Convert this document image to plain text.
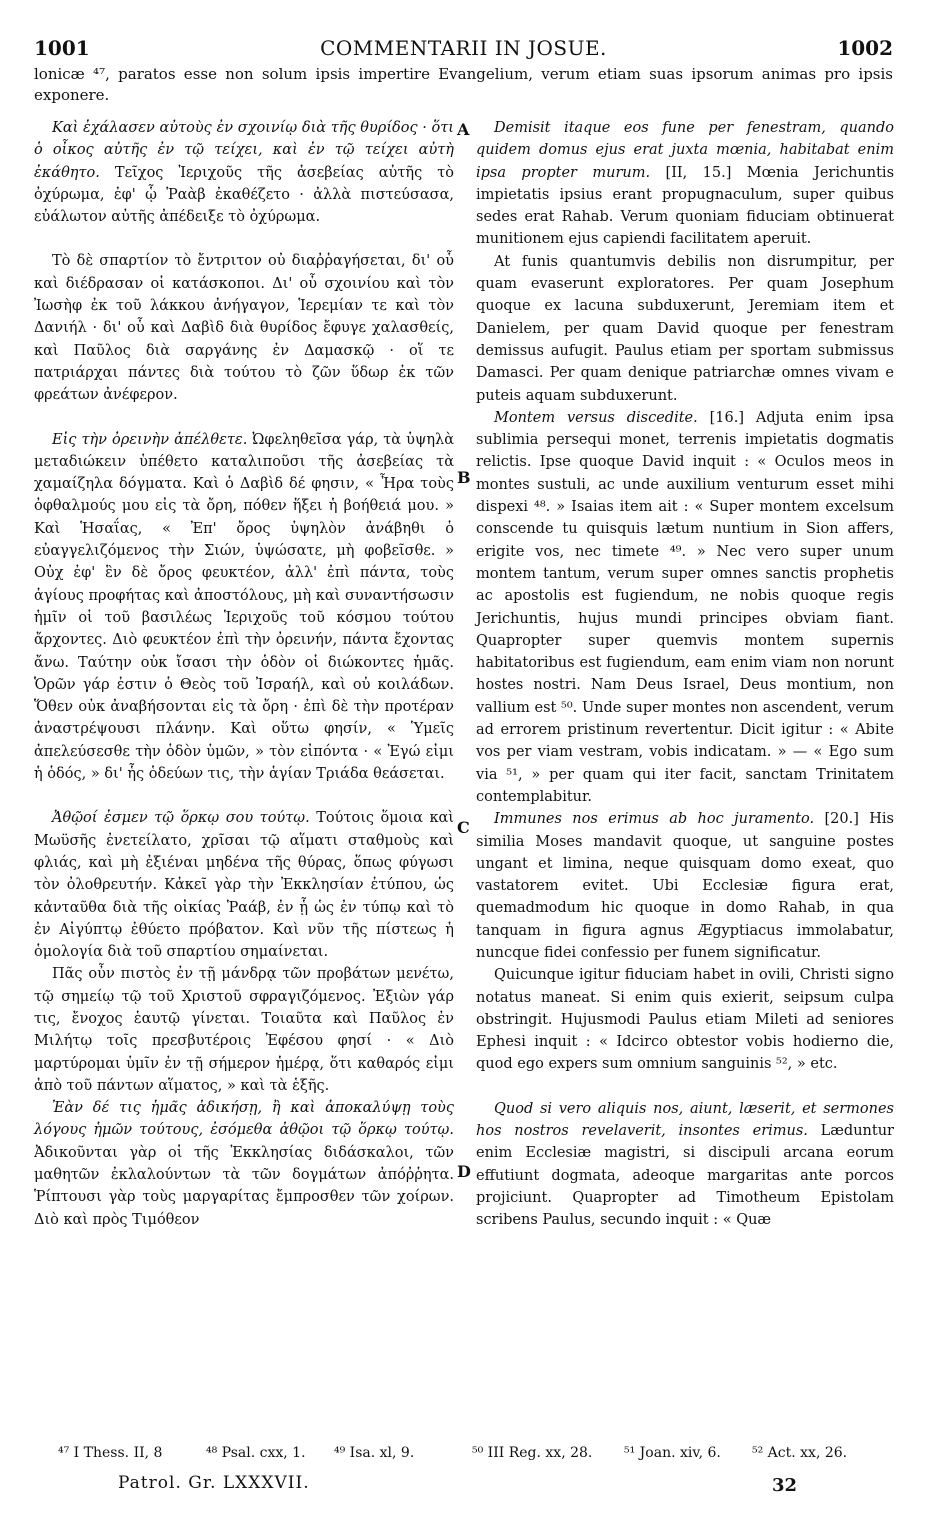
1001	COMMENTARII IN JOSUE.	1002
lonicæ ⁴⁷, paratos esse non solum ipsis impertire Evangelium, verum etiam suas ipsorum animas pro ipsis exponere.

Καὶ ἐχάλασεν αὐτοὺς ἐν σχοινίῳ διὰ τῆς θυρίδος · ὅτι ὁ οἶκος αὐτῆς ἐν τῷ τείχει, καὶ ἐν τῷ τείχει αὐτὴ ἐκάθητο. Τεῖχος Ἱεριχοῦς τῆς ἀσεβείας αὐτῆς τὸ ὀχύρωμα, ἐφ' ᾧ Ῥαὰβ ἐκαθέζετο · ἀλλὰ πιστεύσασα, εὐάλωτον αὐτῆς ἀπέδειξε τὸ ὀχύρωμα.

Τὸ δὲ σπαρτίον τὸ ἔντριτον οὐ διαῤῥαγήσεται, δι' οὗ καὶ διέδρασαν οἱ κατάσκοποι. Δι' οὗ σχοινίου καὶ τὸν Ἰωσὴφ ἐκ τοῦ λάκκου ἀνήγαγον, Ἱερεμίαν τε καὶ τὸν Δανιήλ · δι' οὗ καὶ Δαβὶδ διὰ θυρίδος ἔφυγε χαλασθείς, καὶ Παῦλος διὰ σαργάνης ἐν Δαμασκῷ · οἵ τε πατριάρχαι πάντες διὰ τούτου τὸ ζῶν ὕδωρ ἐκ τῶν φρεάτων ἀνέφερον.

Εἰς τὴν ὀρεινὴν ἀπέλθετε. Ὠφεληθεῖσα γάρ, τὰ ὑψηλὰ μεταδιώκειν ὑπέθετο καταλιποῦσι τῆς ἀσεβείας τὰ χαμαίζηλα δόγματα. Καὶ ὁ Δαβὶδ δέ φησιν, « Ἦρα τοὺς ὀφθαλμούς μου εἰς τὰ ὄρη, πόθεν ἥξει ἡ βοήθειά μου. » Καὶ Ἡσαΐας, « Ἐπ' ὄρος ὑψηλὸν ἀνάβηθι ὁ εὐαγγελιζόμενος τὴν Σιών, ὑψώσατε, μὴ φοβεῖσθε. » Οὐχ ἐφ' ἓν δὲ ὄρος φευκτέον, ἀλλ' ἐπὶ πάντα, τοὺς ἁγίους προφήτας καὶ ἀποστόλους, μὴ καὶ συναντήσωσιν ἡμῖν οἱ τοῦ βασιλέως Ἱεριχοῦς τοῦ κόσμου τούτου ἄρχοντες. Διὸ φευκτέον ἐπὶ τὴν ὀρεινήν, πάντα ἔχοντας ἄνω. Ταύτην οὐκ ἴσασι τὴν ὁδὸν οἱ διώκοντες ἡμᾶς. Ὁρῶν γάρ ἐστιν ὁ Θεὸς τοῦ Ἰσραήλ, καὶ οὐ κοιλάδων. Ὅθεν οὐκ ἀναβήσονται εἰς τὰ ὄρη · ἐπὶ δὲ τὴν προτέραν ἀναστρέψουσι πλάνην. Καὶ οὕτω φησίν, « Ὑμεῖς ἀπελεύσεσθε τὴν ὁδὸν ὑμῶν, » τὸν εἰπόντα · « Ἐγώ εἰμι ἡ ὁδός, » δι' ἧς ὁδεύων τις, τὴν ἁγίαν Τριάδα θεάσεται.

Ἀθῷοί ἐσμεν τῷ ὅρκῳ σου τούτῳ. Τούτοις ὅμοια καὶ Μωϋσῆς ἐνετείλατο, χρῖσαι τῷ αἵματι σταθμοὺς καὶ φλιάς, καὶ μὴ ἐξιέναι μηδένα τῆς θύρας, ὅπως φύγωσι τὸν ὀλοθρευτήν. Κἀκεῖ γὰρ τὴν Ἐκκλησίαν ἐτύπου, ὡς κἀνταῦθα διὰ τῆς οἰκίας Ῥαάβ, ἐν ᾗ ὡς ἐν τύπῳ καὶ τὸ ἐν Αἰγύπτῳ ἐθύετο πρόβατον. Καὶ νῦν τῆς πίστεως ἡ ὁμολογία διὰ τοῦ σπαρτίου σημαίνεται.

Πᾶς οὖν πιστὸς ἐν τῇ μάνδρᾳ τῶν προβάτων μενέτω, τῷ σημείῳ τῷ τοῦ Χριστοῦ σφραγιζόμενος. Ἐξιὼν γάρ τις, ἔνοχος ἑαυτῷ γίνεται. Τοιαῦτα καὶ Παῦλος ἐν Μιλήτῳ τοῖς πρεσβυτέροις Ἐφέσου φησί · « Διὸ μαρτύρομαι ὑμῖν ἐν τῇ σήμερον ἡμέρᾳ, ὅτι καθαρός εἰμι ἀπὸ τοῦ πάντων αἵματος, » καὶ τὰ ἑξῆς.

Ἐὰν δέ τις ἡμᾶς ἀδικήσῃ, ἢ καὶ ἀποκαλύψῃ τοὺς λόγους ἡμῶν τούτους, ἐσόμεθα ἀθῷοι τῷ ὅρκῳ τούτῳ. Ἀδικοῦνται γὰρ οἱ τῆς Ἐκκλησίας διδάσκαλοι, τῶν μαθητῶν ἐκλαλούντων τὰ τῶν δογμάτων ἀπόῤῥητα. Ῥίπτουσι γὰρ τοὺς μαργαρίτας ἔμπροσθεν τῶν χοίρων. Διὸ καὶ πρὸς Τιμόθεον

Demisit itaque eos fune per fenestram, quando quidem domus ejus erat juxta mœnia, habitabat enim ipsa propter murum. [II, 15.] Mœnia Jerichuntis impietatis ipsius erant propugnaculum, super quibus sedes erat Rahab. Verum quoniam fiduciam obtinuerat munitionem ejus capiendi facilitatem aperuit.

At funis quantumvis debilis non disrumpitur, per quam evaserunt exploratores. Per quam Josephum quoque ex lacuna subduxerunt, Jeremiam item et Danielem, per quam David quoque per fenestram demissus aufugit. Paulus etiam per sportam submissus Damasci. Per quam denique patriarchæ omnes vivam e puteis aquam subduxerunt.

Montem versus discedite. [16.] Adjuta enim ipsa sublimia persequi monet, terrenis impietatis dogmatis relictis. Ipse quoque David inquit : « Oculos meos in montes sustuli, ac unde auxilium venturum esset mihi dispexi ⁴⁸. » Isaias item ait : « Super montem excelsum conscende tu quisquis lætum nuntium in Sion affers, erigite vos, nec timete ⁴⁹. » Nec vero super unum montem tantum, verum super omnes sanctis prophetis ac apostolis est fugiendum, ne nobis quoque regis Jerichuntis, hujus mundi principes obviam fiant. Quapropter super quemvis montem supernis habitatoribus est fugiendum, eam enim viam non norunt hostes nostri. Nam Deus Israel, Deus montium, non vallium est ⁵⁰. Unde super montes non ascendent, verum ad errorem pristinum revertentur. Dicit igitur : « Abite vos per viam vestram, vobis indicatam. » — « Ego sum via ⁵¹, » per quam qui iter facit, sanctam Trinitatem contemplabitur.

Immunes nos erimus ab hoc juramento. [20.] His similia Moses mandavit quoque, ut sanguine postes ungant et limina, neque quisquam domo exeat, quo vastatorem evitet. Ubi Ecclesiæ figura erat, quemadmodum hic quoque in domo Rahab, in qua tanquam in figura agnus Ægyptiacus immolabatur, nuncque fidei confessio per funem significatur.

Quicunque igitur fiduciam habet in ovili, Christi signo notatus maneat. Si enim quis exierit, seipsum culpa obstringit. Hujusmodi Paulus etiam Mileti ad seniores Ephesi inquit : « Idcirco obtestor vobis hodierno die, quod ego expers sum omnium sanguinis ⁵², » etc.

Quod si vero aliquis nos, aiunt, læserit, et sermones hos nostros revelaverit, insontes erimus. Læduntur enim Ecclesiæ magistri, si discipuli arcana eorum effutiunt dogmata, adeoque margaritas ante porcos projiciunt. Quapropter ad Timotheum Epistolam scribens Paulus, secundo inquit : « Quæ

A
B
C
D
⁴⁷ I Thess. II, 8	⁴⁸ Psal. cxx, 1. ⁴⁹ Isa. xl, 9.	⁵⁰ III Reg. xx, 28. ⁵¹ Joan. xiv, 6. ⁵² Act. xx, 26.
Patrol. Gr. LXXXVII.	32
